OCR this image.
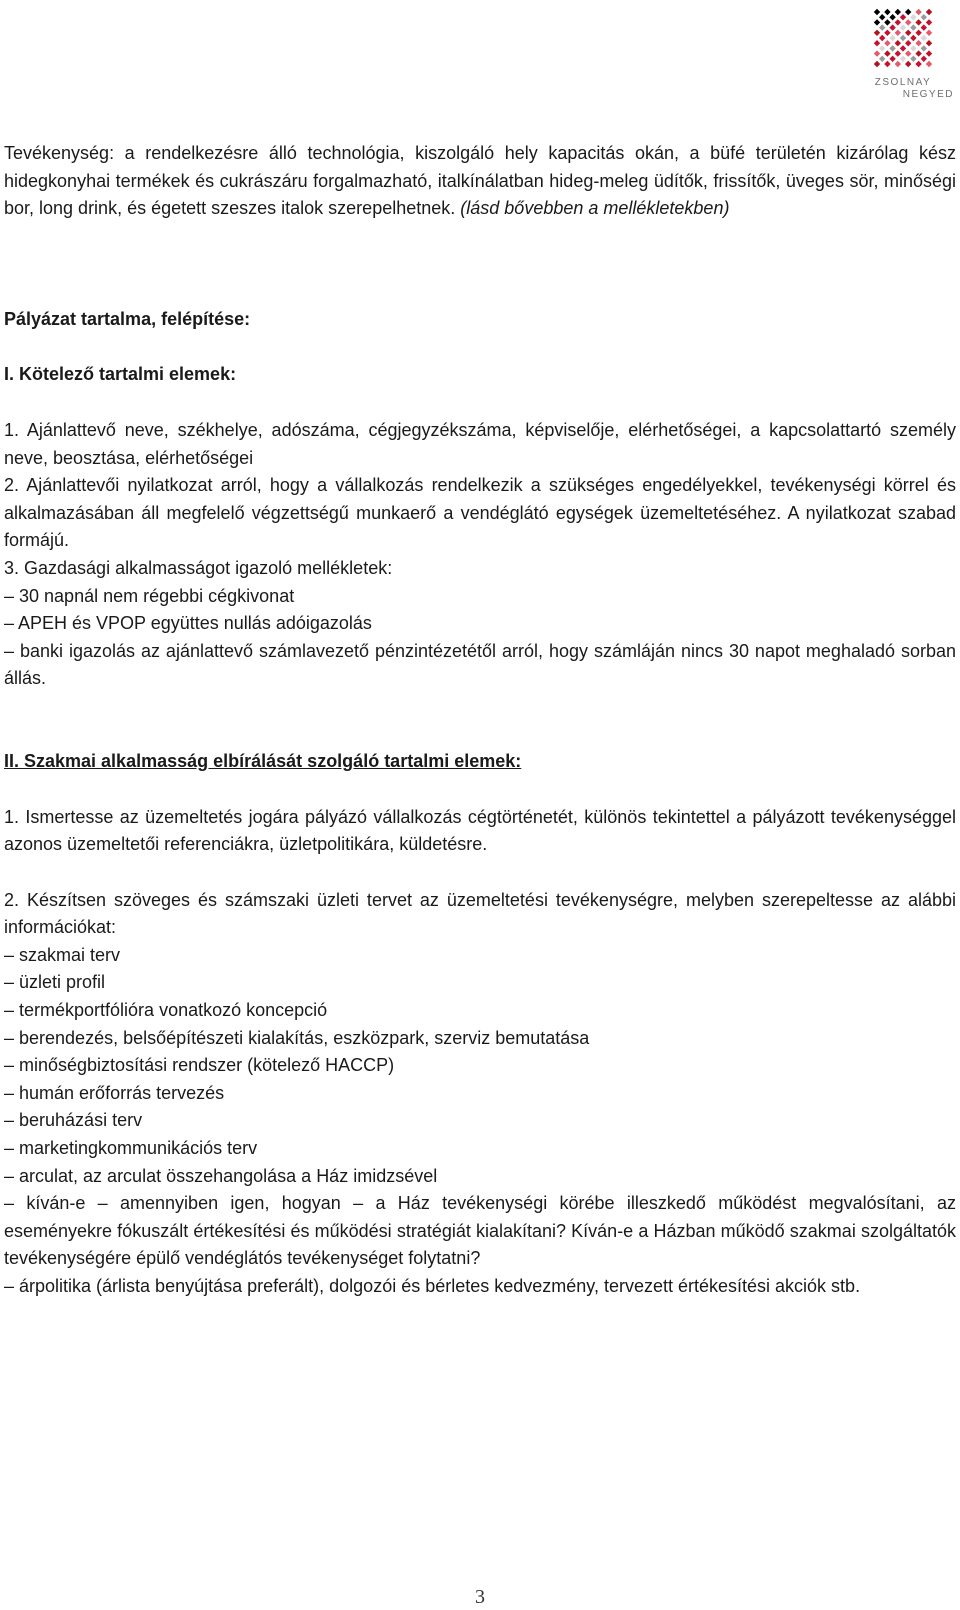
ZSOLNAY
NEGYED

Tevékenység: a rendelkezésre álló technológia, kiszolgáló hely kapacitás okán, a büfé területén kizárólag kész hidegkonyhai termékek és cukrászáru forgalmazható, italkínálatban hideg-meleg üdítők, frissítők, üveges sör, minőségi bor, long drink, és égetett szeszes italok szerepelhetnek. (lásd bővebben a mellékletekben)

Pályázat tartalma, felépítése:

I. Kötelező tartalmi elemek:

1. Ajánlattevő neve, székhelye, adószáma, cégjegyzékszáma, képviselője, elérhetőségei, a kapcsolattartó személy neve, beosztása, elérhetőségei

2. Ajánlattevői nyilatkozat arról, hogy a vállalkozás rendelkezik a szükséges engedélyekkel, tevékenységi körrel és alkalmazásában áll megfelelő végzettségű munkaerő a vendéglátó egységek üzemeltetéséhez. A nyilatkozat szabad formájú.

3. Gazdasági alkalmasságot igazoló mellékletek:

– 30 napnál nem régebbi cégkivonat

– APEH és VPOP együttes nullás adóigazolás

– banki igazolás az ajánlattevő számlavezető pénzintézetétől arról, hogy számláján nincs 30 napot meghaladó sorban állás.

II. Szakmai alkalmasság elbírálását szolgáló tartalmi elemek:

1. Ismertesse az üzemeltetés jogára pályázó vállalkozás cégtörténetét, különös tekintettel a pályázott tevékenységgel azonos üzemeltetői referenciákra, üzletpolitikára, küldetésre.

2. Készítsen szöveges és számszaki üzleti tervet az üzemeltetési tevékenységre, melyben szerepeltesse az alábbi információkat:

– szakmai terv

– üzleti profil

– termékportfólióra vonatkozó koncepció

– berendezés, belsőépítészeti kialakítás, eszközpark, szerviz bemutatása

– minőségbiztosítási rendszer (kötelező HACCP)

– humán erőforrás tervezés

– beruházási terv

– marketingkommunikációs terv

– arculat, az arculat összehangolása a Ház imidzsével

– kíván-e – amennyiben igen, hogyan – a Ház tevékenységi körébe illeszkedő működést megvalósítani, az eseményekre fókuszált értékesítési és működési stratégiát kialakítani? Kíván-e a Házban működő szakmai szolgáltatók tevékenységére épülő vendéglátós tevékenységet folytatni?

– árpolitika (árlista benyújtása preferált), dolgozói és bérletes kedvezmény, tervezett értékesítési akciók stb.

3
